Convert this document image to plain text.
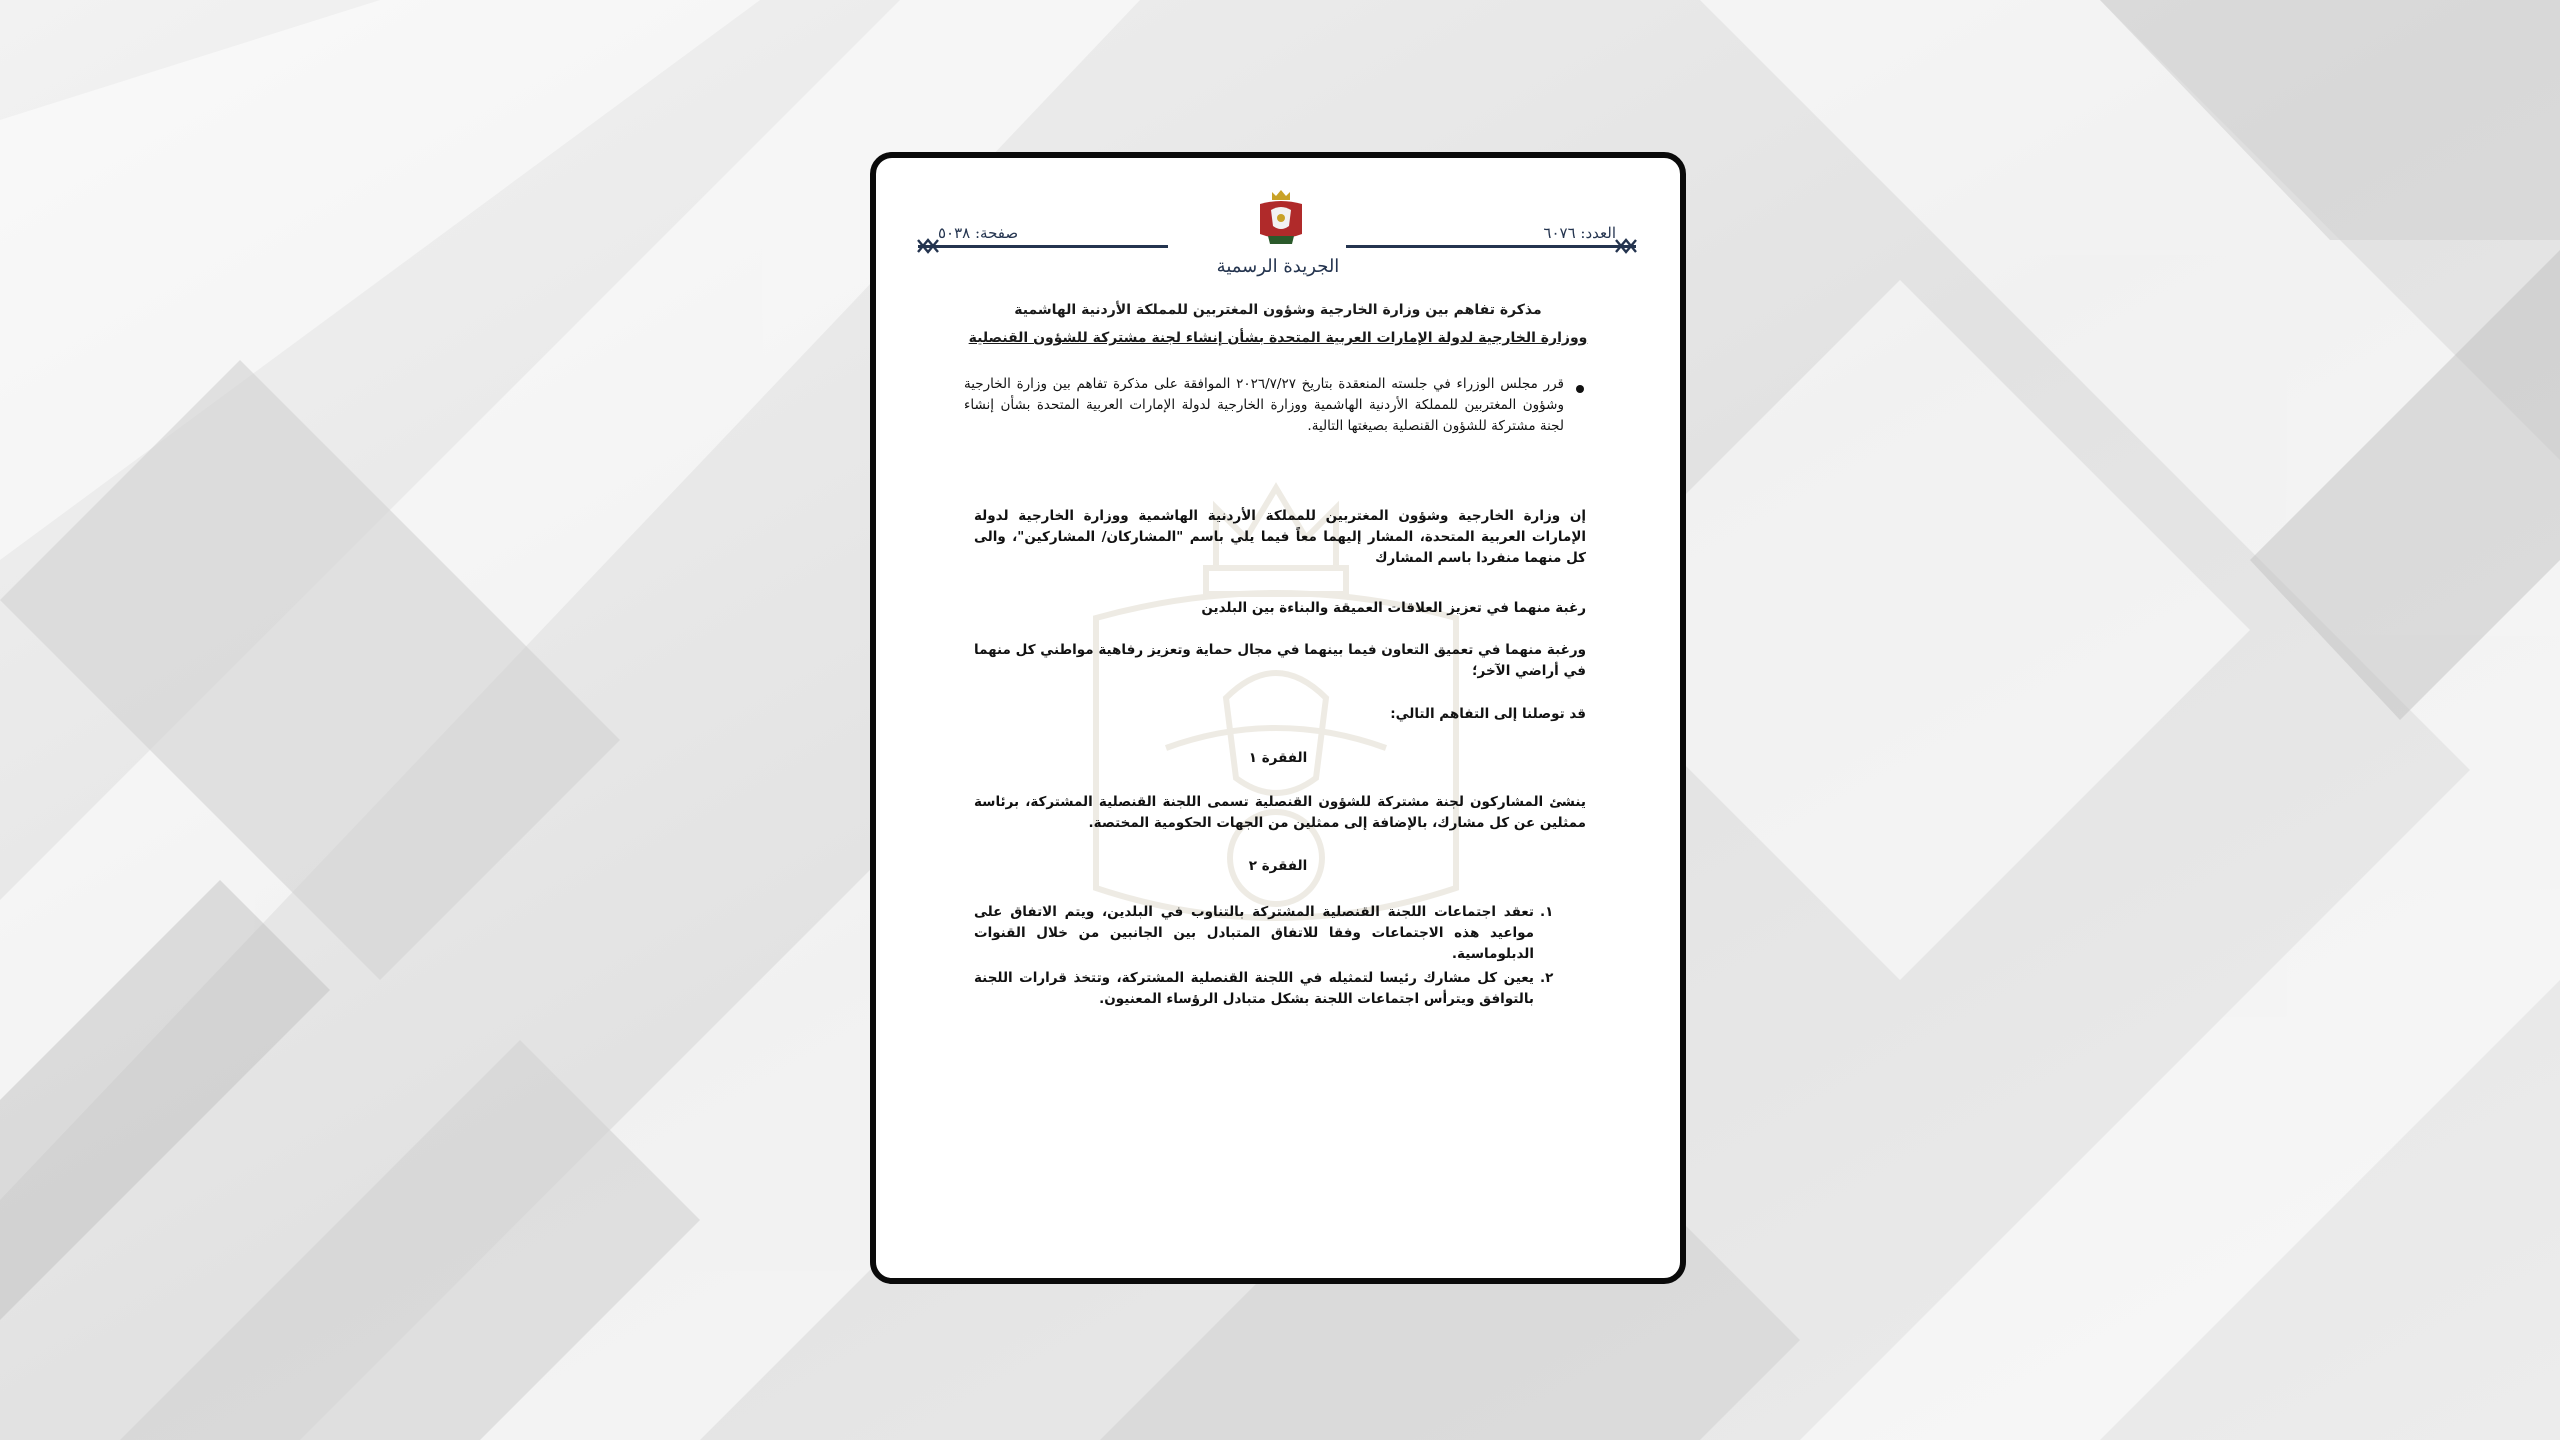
صفحة: ٥٠٣٨	العدد: ٦٠٧٦
الجريدة الرسمية
مذكرة تفاهم بين وزارة الخارجية وشؤون المغتربين للمملكة الأردنية الهاشمية
ووزارة الخارجية لدولة الإمارات العربية المتحدة بشأن إنشاء لجنة مشتركة للشؤون القنصلية

قرر مجلس الوزراء في جلسته المنعقدة بتاريخ ٢٠٢٦/٧/٢٧ الموافقة على مذكرة تفاهم بين وزارة الخارجية وشؤون المغتربين للمملكة الأردنية الهاشمية ووزارة الخارجية لدولة الإمارات العربية المتحدة بشأن إنشاء لجنة مشتركة للشؤون القنصلية بصيغتها التالية.

إن وزارة الخارجية وشؤون المغتربين للمملكة الأردنية الهاشمية ووزارة الخارجية لدولة الإمارات العربية المتحدة، المشار إليهما معاً فيما يلي باسم "المشاركان/ المشاركين"، والى كل منهما منفردا باسم المشارك

رغبة منهما في تعزيز العلاقات العميقة والبناءة بين البلدين

ورغبة منهما في تعميق التعاون فيما بينهما في مجال حماية وتعزيز رفاهية مواطني كل منهما في أراضي الآخر؛

قد توصلنا إلى التفاهم التالي:

الفقرة ١

ينشئ المشاركون لجنة مشتركة للشؤون القنصلية تسمى اللجنة القنصلية المشتركة، برئاسة ممثلين عن كل مشارك، بالإضافة إلى ممثلين من الجهات الحكومية المختصة.

الفقرة ٢
١.

تعقد اجتماعات اللجنة القنصلية المشتركة بالتناوب في البلدين، ويتم الاتفاق على مواعيد هذه الاجتماعات وفقا للاتفاق المتبادل بين الجانبين من خلال القنوات الدبلوماسية.

٢.

يعين كل مشارك رئيسا لتمثيله في اللجنة القنصلية المشتركة، وتتخذ قرارات اللجنة بالتوافق ويترأس اجتماعات اللجنة بشكل متبادل الرؤساء المعنيون.
